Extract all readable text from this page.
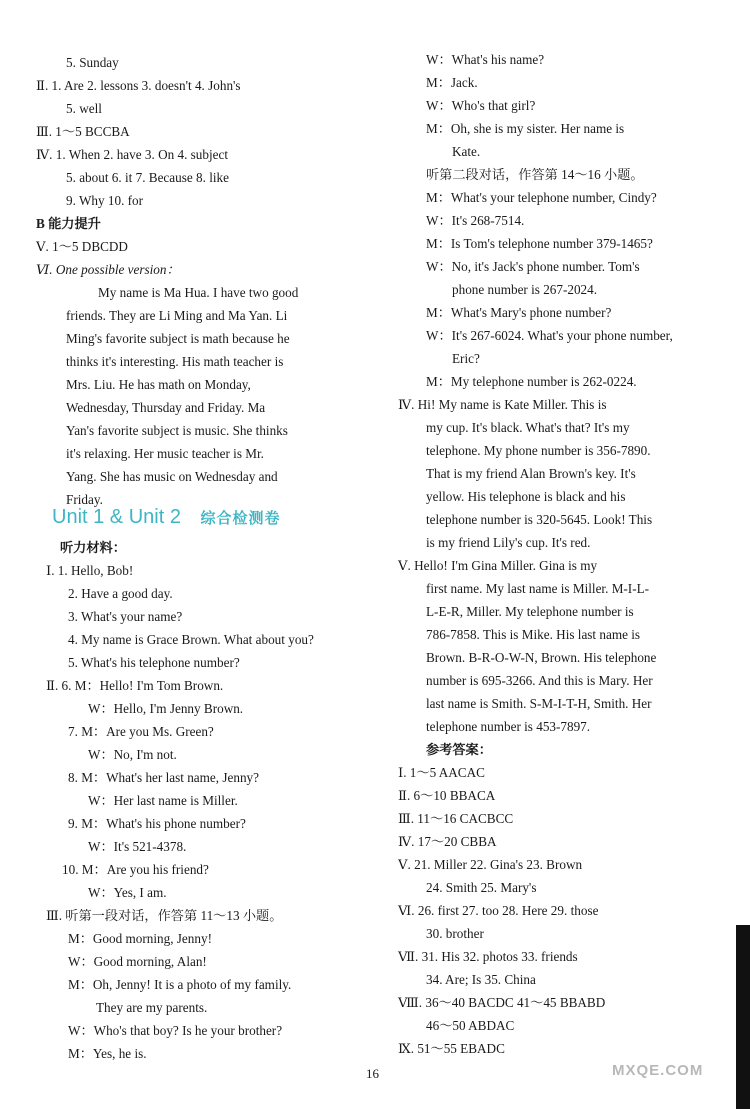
5. Sunday
Ⅱ. 1. Are 2. lessons 3. doesn't 4. John's
5. well
Ⅲ. 1～5 BCCBA
Ⅳ. 1. When 2. have 3. On 4. subject
5. about 6. it 7. Because 8. like
9. Why 10. for
B 能力提升
Ⅴ. 1～5 DBCDD
Ⅵ. One possible version：
My name is Ma Hua. I have two good
friends. They are Li Ming and Ma Yan. Li
Ming's favorite subject is math because he
thinks it's interesting. His math teacher is
Mrs. Liu. He has math on Monday,
Wednesday, Thursday and Friday. Ma
Yan's favorite subject is music. She thinks
it's relaxing. Her music teacher is Mr.
Yang. She has music on Wednesday and
Friday.
听力材料：
Ⅰ. 1. Hello, Bob!
2. Have a good day.
3. What's your name?
4. My name is Grace Brown. What about you?
5. What's his telephone number?
Ⅱ. 6. M：Hello! I'm Tom Brown.
W：Hello, I'm Jenny Brown.
7. M：Are you Ms. Green?
W：No, I'm not.
8. M：What's her last name, Jenny?
W：Her last name is Miller.
9. M：What's his phone number?
W：It's 521-4378.
10. M：Are you his friend?
W：Yes, I am.
Ⅲ. 听第一段对话，作答第 11～13 小题。
M：Good morning, Jenny!
W：Good morning, Alan!
M：Oh, Jenny! It is a photo of my family.
They are my parents.
W：Who's that boy? Is he your brother?
M：Yes, he is.
Unit 1 & Unit 2 综合检测卷
W：What's his name?
M：Jack.
W：Who's that girl?
M：Oh, she is my sister. Her name is
Kate.
听第二段对话，作答第 14～16 小题。
M：What's your telephone number, Cindy?
W：It's 268-7514.
M：Is Tom's telephone number 379-1465?
W：No, it's Jack's phone number. Tom's
phone number is 267-2024.
M：What's Mary's phone number?
W：It's 267-6024. What's your phone number,
Eric?
M：My telephone number is 262-0224.
Ⅳ. Hi! My name is Kate Miller. This is
my cup. It's black. What's that? It's my
telephone. My phone number is 356-7890.
That is my friend Alan Brown's key. It's
yellow. His telephone is black and his
telephone number is 320-5645. Look! This
is my friend Lily's cup. It's red.
Ⅴ. Hello! I'm Gina Miller. Gina is my
first name. My last name is Miller. M-I-L-
L-E-R, Miller. My telephone number is
786-7858. This is Mike. His last name is
Brown. B-R-O-W-N, Brown. His telephone
number is 695-3266. And this is Mary. Her
last name is Smith. S-M-I-T-H, Smith. Her
telephone number is 453-7897.
参考答案：
Ⅰ. 1～5 AACAC
Ⅱ. 6～10 BBACA
Ⅲ. 11～16 CACBCC
Ⅳ. 17～20 CBBA
Ⅴ. 21. Miller 22. Gina's 23. Brown
24. Smith 25. Mary's
Ⅵ. 26. first 27. too 28. Here 29. those
30. brother
Ⅶ. 31. His 32. photos 33. friends
34. Are; Is 35. China
Ⅷ. 36～40 BACDC 41～45 BBABD
46～50 ABDAC
Ⅸ. 51～55 EBADC
16	MXQE.COM
